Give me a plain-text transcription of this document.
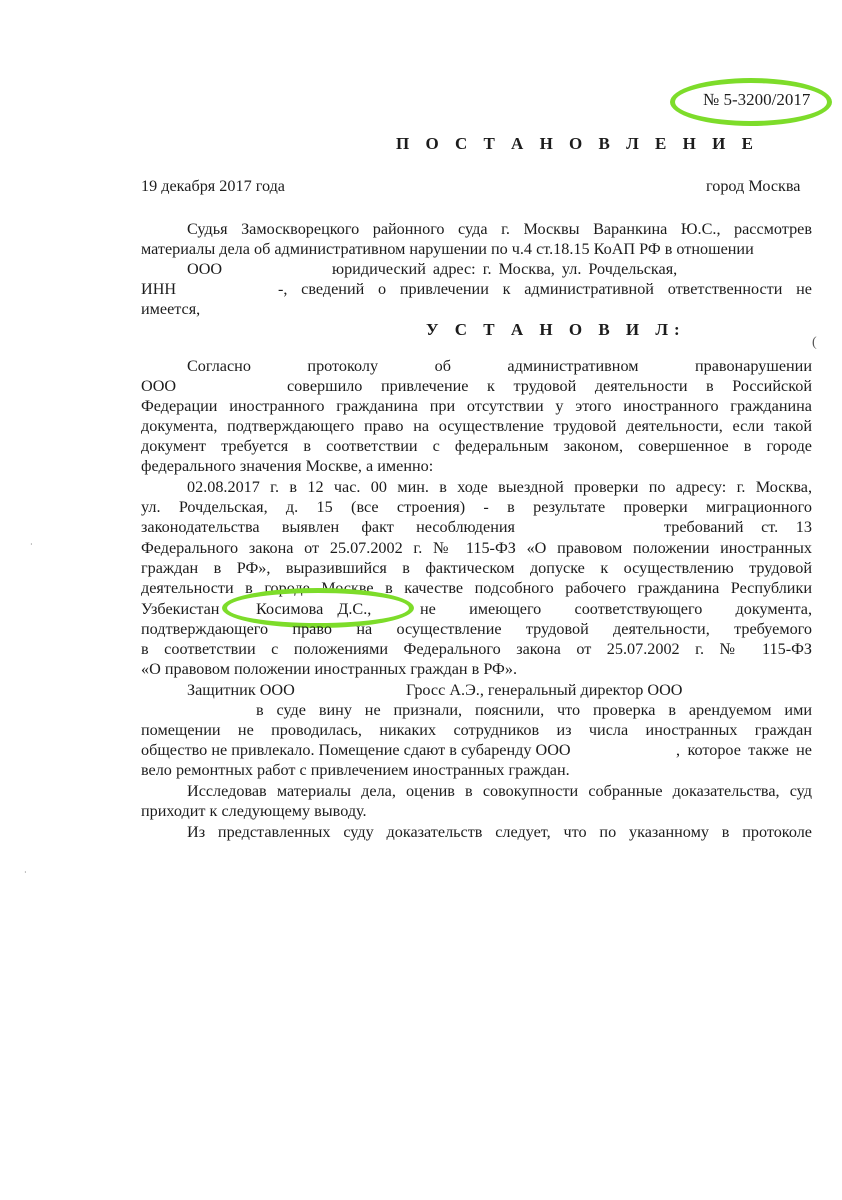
№ 5-3200/2017
П О С Т А Н О В Л Е Н И Е
19 декабря 2017 года	город Москва
Судья Замоскворецкого районного суда г. Москвы Варанкина Ю.С., рассмотрев
материалы дела об административном нарушении по ч.4 ст.18.15 КоАП РФ в отношении
ООО	юридический адрес: г. Москва, ул. Рочдельская,
ИНН	-, сведений о привлечении к административной ответственности не
имеется,
У С Т А Н О В И Л:
Согласно протоколу об административном правонарушении
ООО	совершило привлечение к трудовой деятельности в Российской
Федерации иностранного гражданина при отсутствии у этого иностранного гражданина
документа, подтверждающего право на осуществление трудовой деятельности, если такой
документ требуется в соответствии с федеральным законом, совершенное в городе
федерального значения Москве, а именно:
02.08.2017 г. в 12 час. 00 мин. в ходе выездной проверки по адресу: г. Москва,
ул. Рочдельская, д. 15 (все строения) - в результате проверки миграционного
законодательства выявлен факт несоблюдения	требований ст. 13
Федерального закона от 25.07.2002 г. № 115-ФЗ «О правовом положении иностранных
граждан в РФ», выразившийся в фактическом допуске к осуществлению трудовой
деятельности в городе Москве в качестве подсобного рабочего гражданина Республики
Узбекистан Косимова Д.С.,	не имеющего соответствующего документа,
подтверждающего право на осуществление трудовой деятельности, требуемого
в соответствии с положениями Федерального закона от 25.07.2002 г. № 115-ФЗ
«О правовом положении иностранных граждан в РФ».
Защитник ООО	Гросс А.Э., генеральный директор ООО
в суде вину не признали, пояснили, что проверка в арендуемом ими
помещении не проводилась, никаких сотрудников из числа иностранных граждан
общество не привлекало. Помещение сдают в субаренду ООО	, которое также не
вело ремонтных работ с привлечением иностранных граждан.
Исследовав материалы дела, оценив в совокупности собранные доказательства, суд
приходит к следующему выводу.
Из представленных суду доказательств следует, что по указанному в протоколе
(
·
·
